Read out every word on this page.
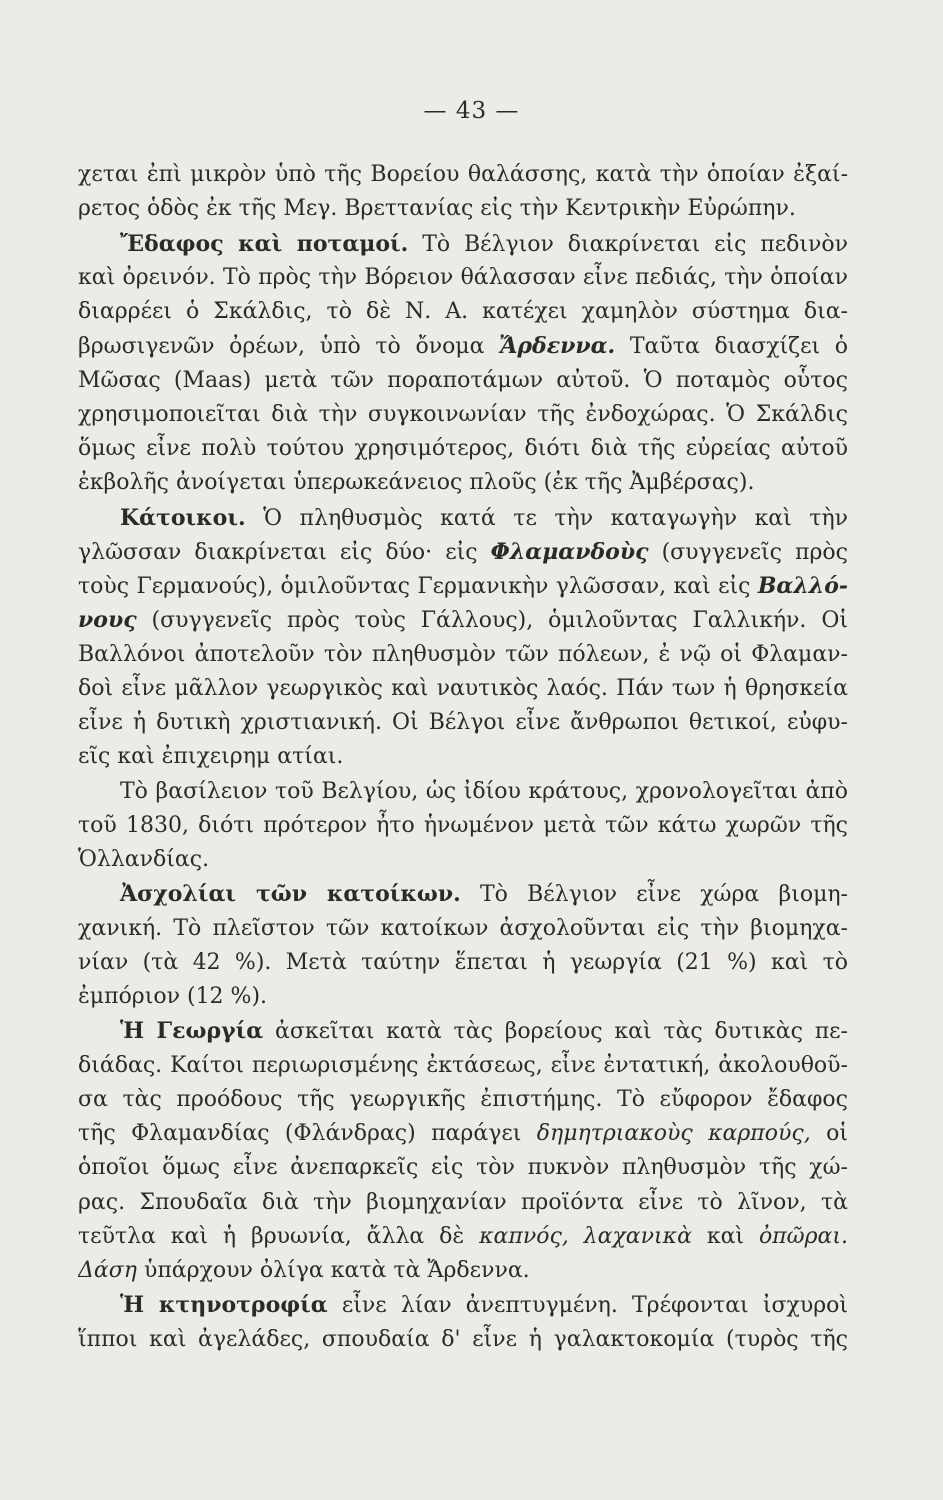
— 43 —
χεται ἐπὶ μικρὸν ὑπὸ τῆς Βορείου θαλάσσης, κατὰ τὴν ὁποίαν ἐξαί-
ρετος ὁδὸς ἐκ τῆς Μεγ. Βρεττανίας εἰς τὴν Κεντρικὴν Εὐρώπην.
Ἔδαφος καὶ ποταμοί. Τὸ Βέλγιον διακρίνεται εἰς πεδινὸν
καὶ ὀρεινόν. Τὸ πρὸς τὴν Βόρειον θάλασσαν εἶνε πεδιάς, τὴν ὁποίαν
διαρρέει ὁ Σκάλδις, τὸ δὲ Ν. Α. κατέχει χαμηλὸν σύστημα δια-
βρωσιγενῶν ὀρέων, ὑπὸ τὸ ὄνομα Ἄρδεννα. Ταῦτα διασχίζει ὁ
Μῶσας (Maas) μετὰ τῶν ποραποτάμων αὐτοῦ. Ὁ ποταμὸς οὗτος
χρησιμοποιεῖται διὰ τὴν συγκοινωνίαν τῆς ἐνδοχώρας. Ὁ Σκάλδις
ὅμως εἶνε πολὺ τούτου χρησιμότερος, διότι διὰ τῆς εὐρείας αὐτοῦ
ἐκβολῆς ἀνοίγεται ὑπερωκεάνειος πλοῦς (ἐκ τῆς Ἀμβέρσας).
Κάτοικοι. Ὁ πληθυσμὸς κατά τε τὴν καταγωγὴν καὶ τὴν
γλῶσσαν διακρίνεται εἰς δύο· εἰς Φλαμανδοὺς (συγγενεῖς πρὸς
τοὺς Γερμανούς), ὁμιλοῦντας Γερμανικὴν γλῶσσαν, καὶ εἰς Βαλλό-
νους (συγγενεῖς πρὸς τοὺς Γάλλους), ὁμιλοῦντας Γαλλικήν. Οἱ
Βαλλόνοι ἀποτελοῦν τὸν πληθυσμὸν τῶν πόλεων, ἐ νῷ οἱ Φλαμαν-
δοὶ εἶνε μᾶλλον γεωργικὸς καὶ ναυτικὸς λαός. Πάν των ἡ θρησκεία
εἶνε ἡ δυτικὴ χριστιανική. Οἱ Βέλγοι εἶνε ἄνθρωποι θετικοί, εὐφυ-
εῖς καὶ ἐπιχειρημ ατίαι.
Τὸ βασίλειον τοῦ Βελγίου, ὡς ἰδίου κράτους, χρονολογεῖται ἀπὸ
τοῦ 1830, διότι πρότερον ἦτο ἡνωμένον μετὰ τῶν κάτω χωρῶν τῆς
Ὁλλανδίας.
Ἀσχολίαι τῶν κατοίκων. Τὸ Βέλγιον εἶνε χώρα βιομη-
χανική. Τὸ πλεῖστον τῶν κατοίκων ἀσχολοῦνται εἰς τὴν βιομηχα-
νίαν (τὰ 42 %). Μετὰ ταύτην ἕπεται ἡ γεωργία (21 %) καὶ τὸ
ἐμπόριον (12 %).
Ἡ Γεωργία ἀσκεῖται κατὰ τὰς βορείους καὶ τὰς δυτικὰς πε-
διάδας. Καίτοι περιωρισμένης ἐκτάσεως, εἶνε ἐντατική, ἀκολουθοῦ-
σα τὰς προόδους τῆς γεωργικῆς ἐπιστήμης. Τὸ εὔφορον ἔδαφος
τῆς Φλαμανδίας (Φλάνδρας) παράγει δημητριακοὺς καρπούς, οἱ
ὁποῖοι ὅμως εἶνε ἀνεπαρκεῖς εἰς τὸν πυκνὸν πληθυσμὸν τῆς χώ-
ρας. Σπουδαῖα διὰ τὴν βιομηχανίαν προϊόντα εἶνε τὸ λῖνον, τὰ
τεῦτλα καὶ ἡ βρυωνία, ἄλλα δὲ καπνός, λαχανικὰ καὶ ὀπῶραι.
Δάση ὑπάρχουν ὀλίγα κατὰ τὰ Ἄρδεννα.
Ἡ κτηνοτροφία εἶνε λίαν ἀνεπτυγμένη. Τρέφονται ἰσχυροὶ
ἵπποι καὶ ἀγελάδες, σπουδαία δ' εἶνε ἡ γαλακτοκομία (τυρὸς τῆς
